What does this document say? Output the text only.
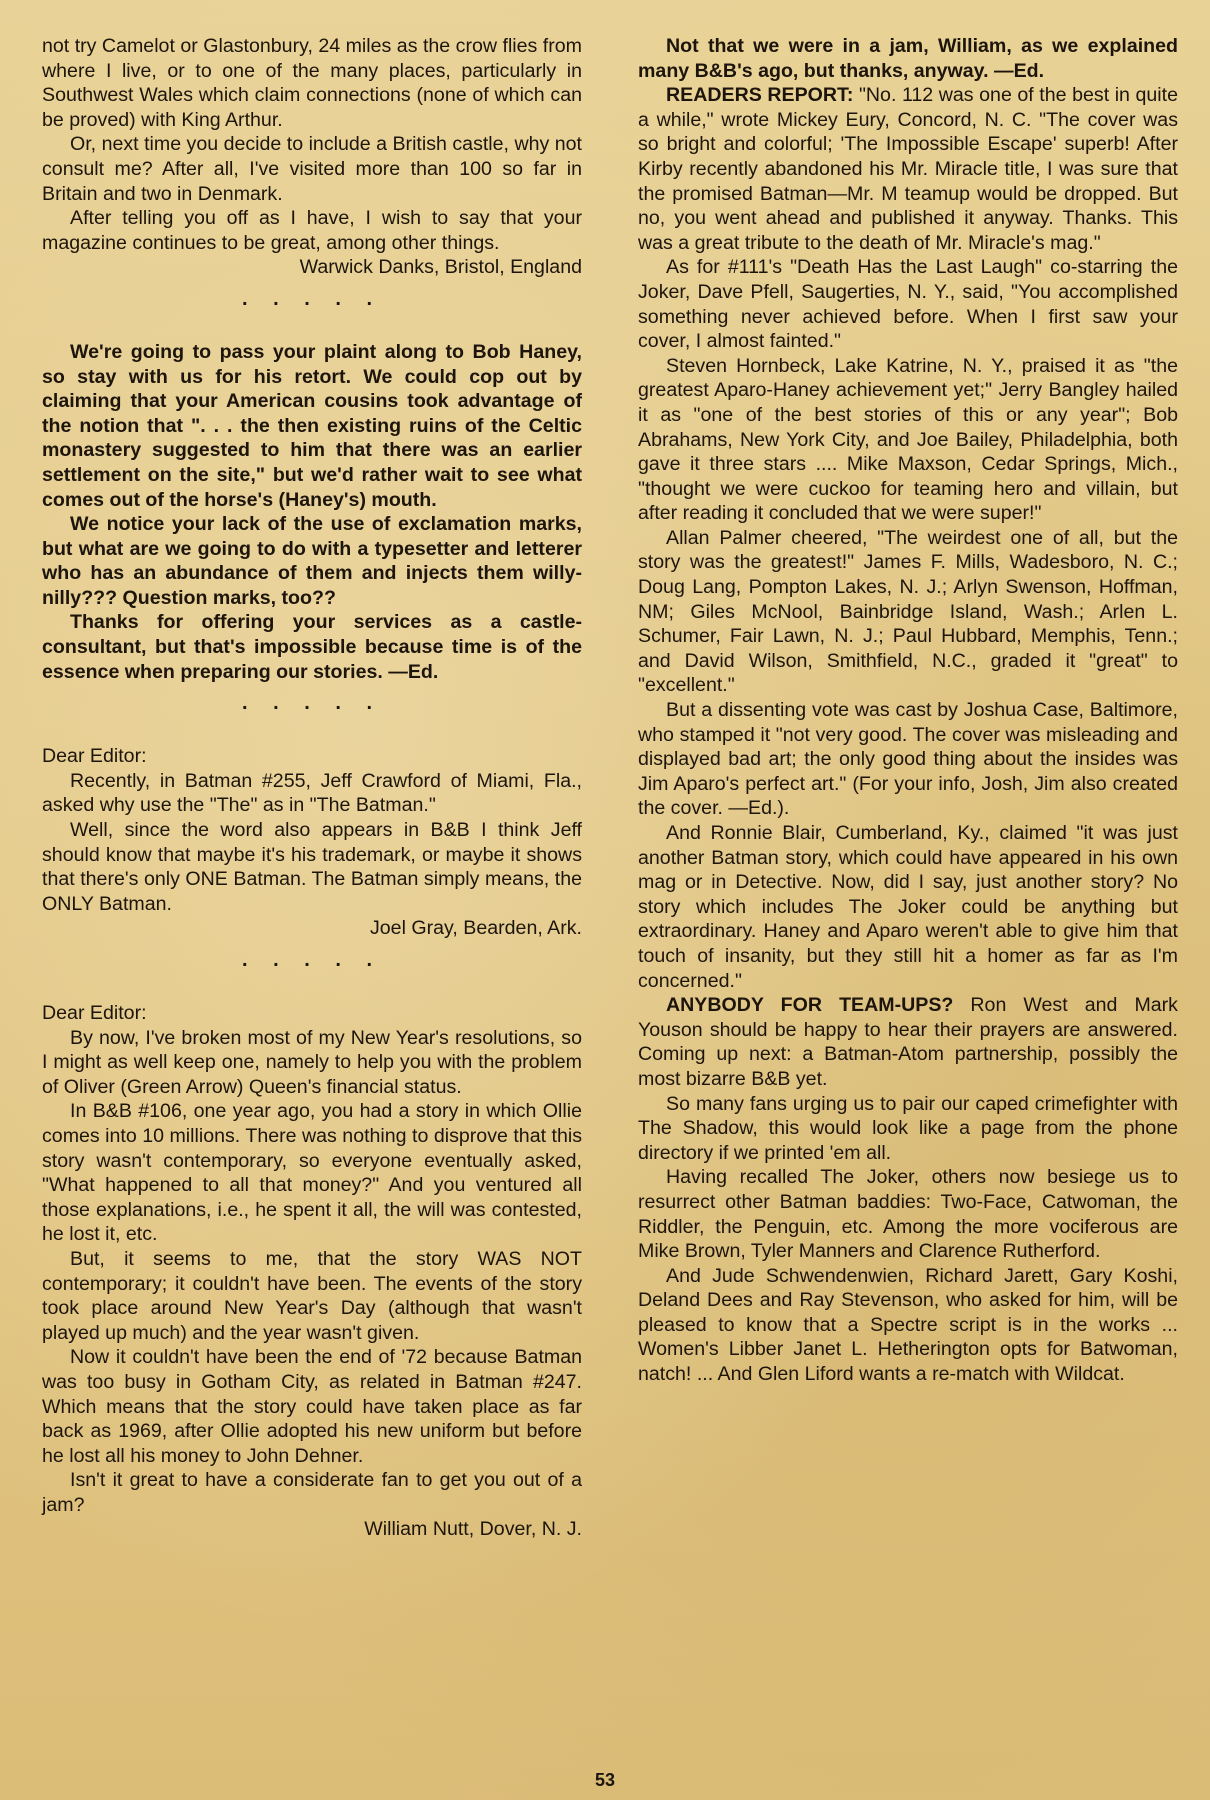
not try Camelot or Glastonbury, 24 miles as the crow flies from where I live, or to one of the many places, particularly in Southwest Wales which claim connections (none of which can be proved) with King Arthur.

Or, next time you decide to include a British castle, why not consult me? After all, I've visited more than 100 so far in Britain and two in Denmark.

After telling you off as I have, I wish to say that your magazine continues to be great, among other things.

Warwick Danks, Bristol, England

. . . . .

We're going to pass your plaint along to Bob Haney, so stay with us for his retort. We could cop out by claiming that your American cousins took advantage of the notion that ". . . the then existing ruins of the Celtic monastery suggested to him that there was an earlier settlement on the site," but we'd rather wait to see what comes out of the horse's (Haney's) mouth.

We notice your lack of the use of exclamation marks, but what are we going to do with a typesetter and letterer who has an abundance of them and injects them willy-nilly??? Question marks, too??

Thanks for offering your services as a castle-consultant, but that's impossible because time is of the essence when preparing our stories. —Ed.

. . . . .

Dear Editor:

Recently, in Batman #255, Jeff Crawford of Miami, Fla., asked why use the "The" as in "The Batman."

Well, since the word also appears in B&B I think Jeff should know that maybe it's his trademark, or maybe it shows that there's only ONE Batman. The Batman simply means, the ONLY Batman.

Joel Gray, Bearden, Ark.

. . . . .

Dear Editor:

By now, I've broken most of my New Year's resolutions, so I might as well keep one, namely to help you with the problem of Oliver (Green Arrow) Queen's financial status.

In B&B #106, one year ago, you had a story in which Ollie comes into 10 millions. There was nothing to disprove that this story wasn't contemporary, so everyone eventually asked, "What happened to all that money?" And you ventured all those explanations, i.e., he spent it all, the will was contested, he lost it, etc.

But, it seems to me, that the story WAS NOT contemporary; it couldn't have been. The events of the story took place around New Year's Day (although that wasn't played up much) and the year wasn't given.

Now it couldn't have been the end of '72 because Batman was too busy in Gotham City, as related in Batman #247. Which means that the story could have taken place as far back as 1969, after Ollie adopted his new uniform but before he lost all his money to John Dehner.

Isn't it great to have a considerate fan to get you out of a jam?

William Nutt, Dover, N. J.

Not that we were in a jam, William, as we explained many B&B's ago, but thanks, anyway. —Ed.

READERS REPORT: "No. 112 was one of the best in quite a while," wrote Mickey Eury, Concord, N. C. "The cover was so bright and colorful; 'The Impossible Escape' superb! After Kirby recently abandoned his Mr. Miracle title, I was sure that the promised Batman—Mr. M teamup would be dropped. But no, you went ahead and published it anyway. Thanks. This was a great tribute to the death of Mr. Miracle's mag."

As for #111's "Death Has the Last Laugh" co-starring the Joker, Dave Pfell, Saugerties, N. Y., said, "You accomplished something never achieved before. When I first saw your cover, I almost fainted."

Steven Hornbeck, Lake Katrine, N. Y., praised it as "the greatest Aparo-Haney achievement yet;" Jerry Bangley hailed it as "one of the best stories of this or any year"; Bob Abrahams, New York City, and Joe Bailey, Philadelphia, both gave it three stars .... Mike Maxson, Cedar Springs, Mich., "thought we were cuckoo for teaming hero and villain, but after reading it concluded that we were super!"

Allan Palmer cheered, "The weirdest one of all, but the story was the greatest!" James F. Mills, Wadesboro, N. C.; Doug Lang, Pompton Lakes, N. J.; Arlyn Swenson, Hoffman, NM; Giles McNool, Bainbridge Island, Wash.; Arlen L. Schumer, Fair Lawn, N. J.; Paul Hubbard, Memphis, Tenn.; and David Wilson, Smithfield, N.C., graded it "great" to "excellent."

But a dissenting vote was cast by Joshua Case, Baltimore, who stamped it "not very good. The cover was misleading and displayed bad art; the only good thing about the insides was Jim Aparo's perfect art." (For your info, Josh, Jim also created the cover. —Ed.).

And Ronnie Blair, Cumberland, Ky., claimed "it was just another Batman story, which could have appeared in his own mag or in Detective. Now, did I say, just another story? No story which includes The Joker could be anything but extraordinary. Haney and Aparo weren't able to give him that touch of insanity, but they still hit a homer as far as I'm concerned."

ANYBODY FOR TEAM-UPS? Ron West and Mark Youson should be happy to hear their prayers are answered. Coming up next: a Batman-Atom partnership, possibly the most bizarre B&B yet.

So many fans urging us to pair our caped crimefighter with The Shadow, this would look like a page from the phone directory if we printed 'em all.

Having recalled The Joker, others now besiege us to resurrect other Batman baddies: Two-Face, Catwoman, the Riddler, the Penguin, etc. Among the more vociferous are Mike Brown, Tyler Manners and Clarence Rutherford.

And Jude Schwendenwien, Richard Jarett, Gary Koshi, Deland Dees and Ray Stevenson, who asked for him, will be pleased to know that a Spectre script is in the works ... Women's Libber Janet L. Hetherington opts for Batwoman, natch! ... And Glen Liford wants a re-match with Wildcat.

53
